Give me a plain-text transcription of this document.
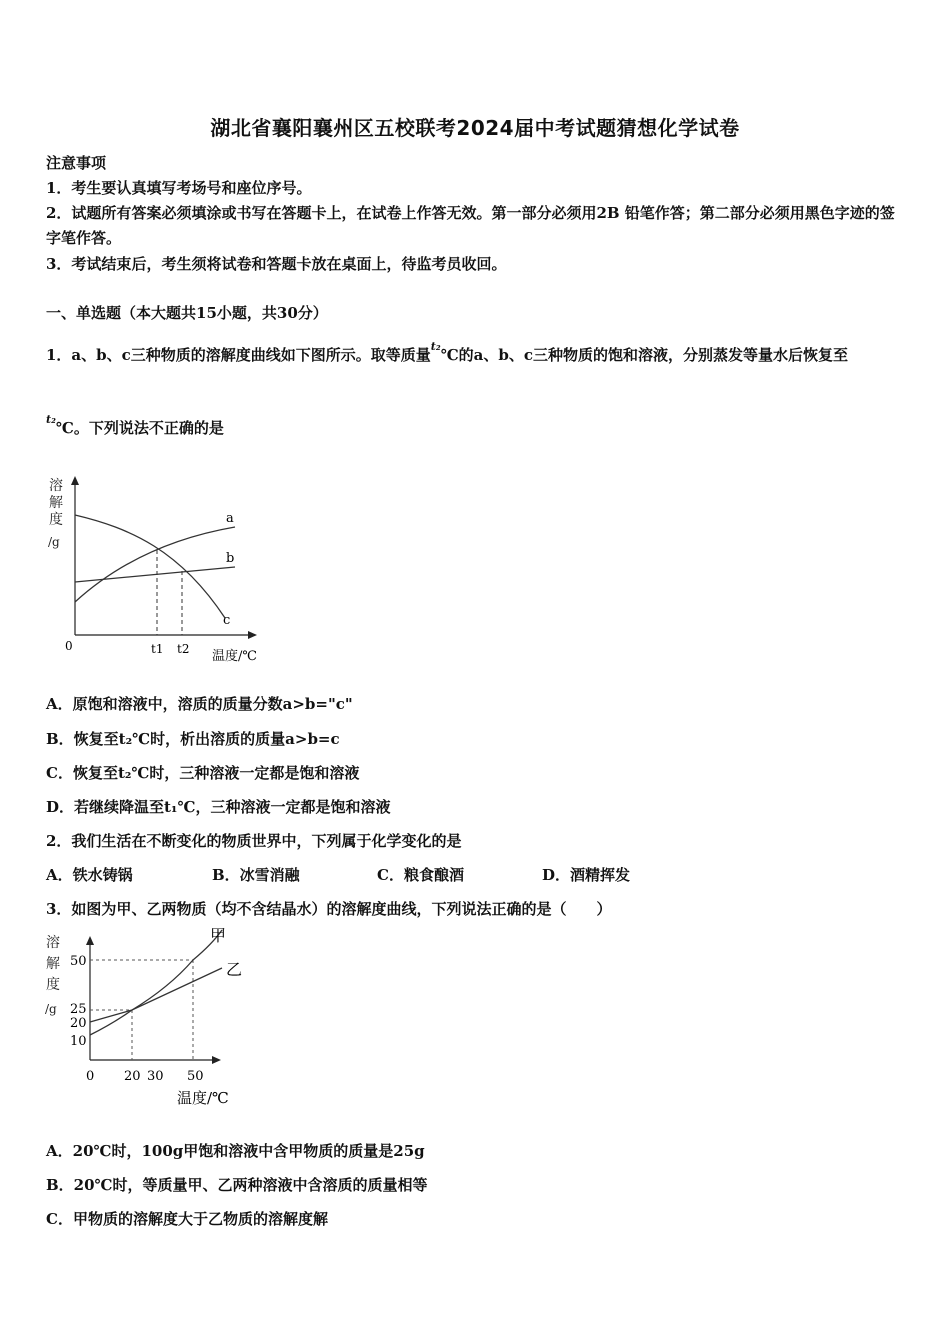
湖北省襄阳襄州区五校联考2024届中考试题猜想化学试卷
注意事项
1．考生要认真填写考场号和座位序号。
2．试题所有答案必须填涂或书写在答题卡上，在试卷上作答无效。第一部分必须用2B 铅笔作答；第二部分必须用黑色字迹的签字笔作答。
3．考试结束后，考生须将试卷和答题卡放在桌面上，待监考员收回。
一、单选题（本大题共15小题，共30分）
1．a、b、c三种物质的溶解度曲线如下图所示。取等质量$^{t_2}$℃的a、b、c三种物质的饱和溶液，分别蒸发等量水后恢复至
$^{t_2}$℃。下列说法不正确的是
溶
解
度
/g
0
a
b
c
t1 t2 温度/℃
A．原饱和溶液中，溶质的质量分数a>b="c"
B．恢复至t₂℃时，析出溶质的质量a>b=c
C．恢复至t₂℃时，三种溶液一定都是饱和溶液
D．若继续降温至t₁℃，三种溶液一定都是饱和溶液
2．我们生活在不断变化的物质世界中，下列属于化学变化的是
A．铁水铸锅	B．冰雪消融	C．粮食酿酒	D．酒精挥发
3．如图为甲、乙两物质（均不含结晶水）的溶解度曲线，下列说法正确的是（　　）
溶
解
度
/g
甲
乙
50
25
20
10
0 20 30 50
温度/℃
A．20℃时，100g甲饱和溶液中含甲物质的质量是25g
B．20℃时，等质量甲、乙两种溶液中含溶质的质量相等
C．甲物质的溶解度大于乙物质的溶解度解
